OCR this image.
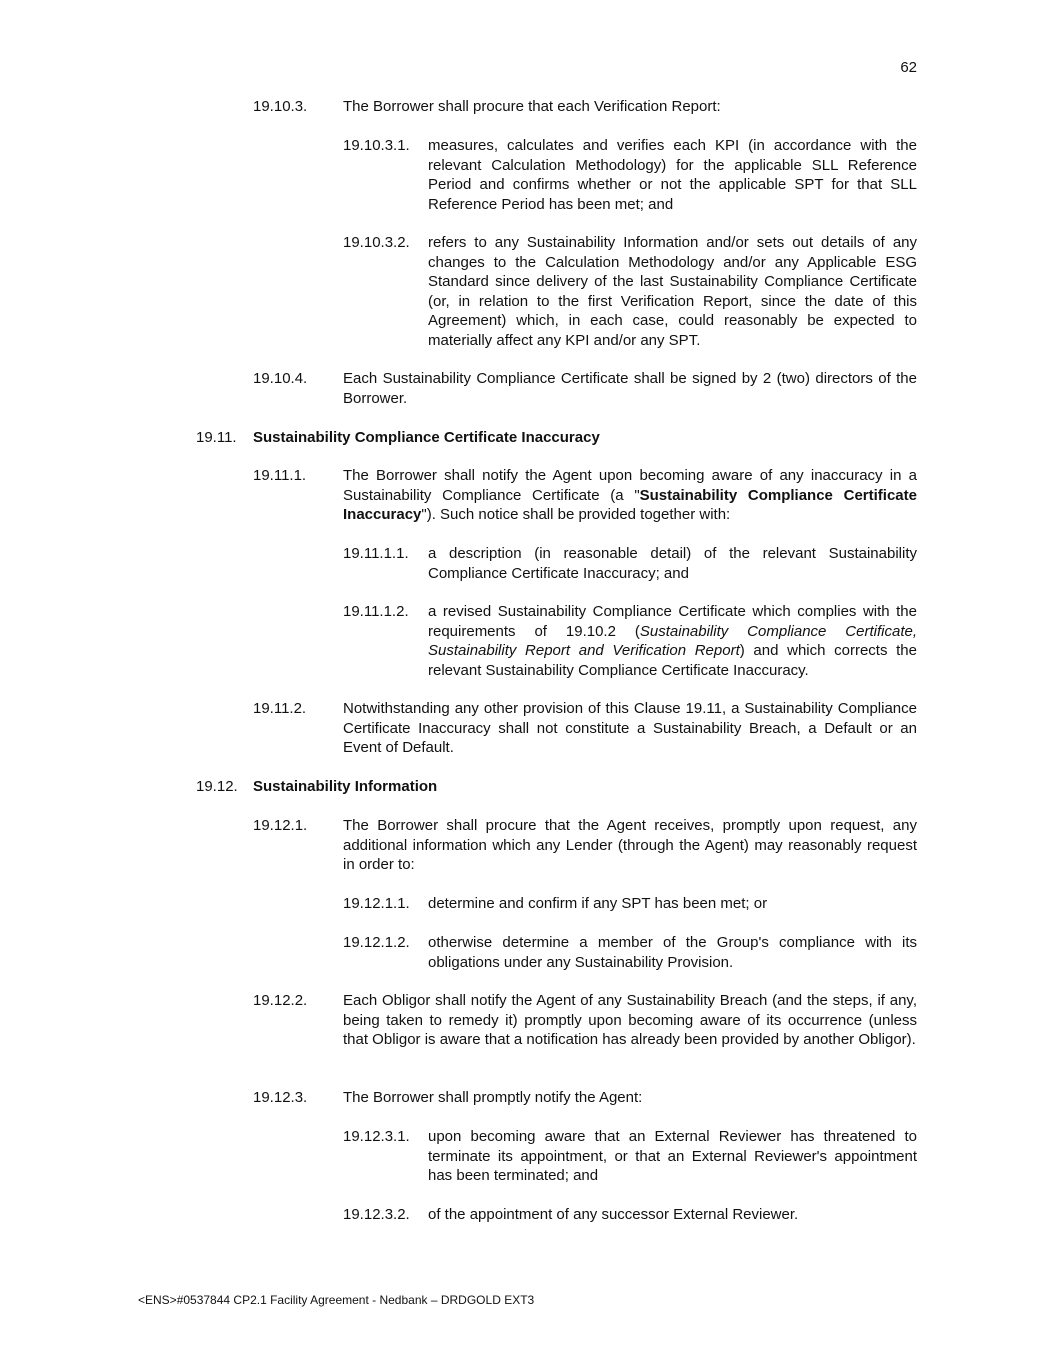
62
19.10.3. The Borrower shall procure that each Verification Report:
19.10.3.1. measures, calculates and verifies each KPI (in accordance with the relevant Calculation Methodology) for the applicable SLL Reference Period and confirms whether or not the applicable SPT for that SLL Reference Period has been met; and
19.10.3.2. refers to any Sustainability Information and/or sets out details of any changes to the Calculation Methodology and/or any Applicable ESG Standard since delivery of the last Sustainability Compliance Certificate (or, in relation to the first Verification Report, since the date of this Agreement) which, in each case, could reasonably be expected to materially affect any KPI and/or any SPT.
19.10.4. Each Sustainability Compliance Certificate shall be signed by 2 (two) directors of the Borrower.
19.11. Sustainability Compliance Certificate Inaccuracy
19.11.1. The Borrower shall notify the Agent upon becoming aware of any inaccuracy in a Sustainability Compliance Certificate (a "Sustainability Compliance Certificate Inaccuracy"). Such notice shall be provided together with:
19.11.1.1. a description (in reasonable detail) of the relevant Sustainability Compliance Certificate Inaccuracy; and
19.11.1.2. a revised Sustainability Compliance Certificate which complies with the requirements of 19.10.2 (Sustainability Compliance Certificate, Sustainability Report and Verification Report) and which corrects the relevant Sustainability Compliance Certificate Inaccuracy.
19.11.2. Notwithstanding any other provision of this Clause 19.11, a Sustainability Compliance Certificate Inaccuracy shall not constitute a Sustainability Breach, a Default or an Event of Default.
19.12. Sustainability Information
19.12.1. The Borrower shall procure that the Agent receives, promptly upon request, any additional information which any Lender (through the Agent) may reasonably request in order to:
19.12.1.1. determine and confirm if any SPT has been met; or
19.12.1.2. otherwise determine a member of the Group's compliance with its obligations under any Sustainability Provision.
19.12.2. Each Obligor shall notify the Agent of any Sustainability Breach (and the steps, if any, being taken to remedy it) promptly upon becoming aware of its occurrence (unless that Obligor is aware that a notification has already been provided by another Obligor).
19.12.3. The Borrower shall promptly notify the Agent:
19.12.3.1. upon becoming aware that an External Reviewer has threatened to terminate its appointment, or that an External Reviewer's appointment has been terminated; and
19.12.3.2. of the appointment of any successor External Reviewer.
<ENS>#0537844 CP2.1 Facility Agreement - Nedbank – DRDGOLD EXT3
